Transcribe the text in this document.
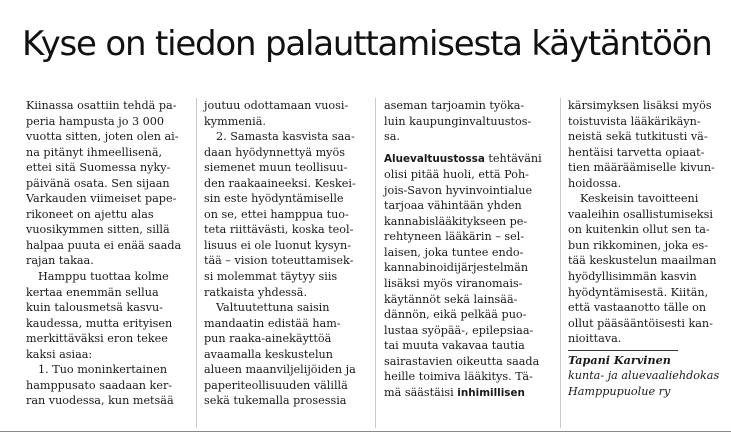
Kyse on tiedon palauttamisesta käytäntöön

Kiinassa osattiin tehdä pa-
peria hampusta jo 3 000
vuotta sitten, joten olen ai-
na pitänyt ihmeellisenä,
ettei sitä Suomessa nyky-
päivänä osata. Sen sijaan
Varkauden viimeiset pape-
rikoneet on ajettu alas
vuosikymmen sitten, sillä
halpaa puuta ei enää saada
rajan takaa.
Hamppu tuottaa kolme
kertaa enemmän sellua
kuin talousmetsä kasvu-
kaudessa, mutta erityisen
merkittäväksi eron tekee
kaksi asiaa:
1. Tuo moninkertainen
hamppusato saadaan ker-
ran vuodessa, kun metsää

joutuu odottamaan vuosi-
kymmeniä.
2. Samasta kasvista saa-
daan hyödynnettyä myös
siemenet muun teollisuu-
den raakaaineeksi. Keskei-
sin este hyödyntämiselle
on se, ettei hamppua tuo-
teta riittävästi, koska teol-
lisuus ei ole luonut kysyn-
tää – vision toteuttamisek-
si molemmat täytyy siis
ratkaista yhdessä.
Valtuutettuna saisin
mandaatin edistää ham-
pun raaka-ainekäyttöä
avaamalla keskustelun
alueen maanviljelijöiden ja
paperiteollisuuden välillä
sekä tukemalla prosessia

aseman tarjoamin työka-
luin kaupunginvaltuustos-
sa.

Aluevaltuustossa tehtäväni
olisi pitää huoli, että Poh-
jois-Savon hyvinvointialue
tarjoaa vähintään yhden
kannabislääkitykseen pe-
rehtyneen lääkärin – sel-
laisen, joka tuntee endo-
kannabinoidijärjestelmän
lisäksi myös viranomais-
käytännöt sekä lainsää-
dännön, eikä pelkää puo-
lustaa syöpää-, epilepsiaa-
tai muuta vakavaa tautia
sairastavien oikeutta saada
heille toimiva lääkitys. Tä-
mä säästäisi inhimillisen

kärsimyksen lisäksi myös
toistuvista lääkärikäyn-
neistä sekä tutkitusti vä-
hentäisi tarvetta opiaat-
tien määräämiselle kivun-
hoidossa.
Keskeisin tavoitteeni
vaaleihin osallistumiseksi
on kuitenkin ollut sen ta-
bun rikkominen, joka es-
tää keskustelun maailman
hyödyllisimmän kasvin
hyödyntämisestä. Kiitän,
että vastaanotto tälle on
ollut pääsääntöisesti kan-
nioittava.

Tapani Karvinen
kunta- ja aluevaaliehdokas
Hamppupuolue ry
